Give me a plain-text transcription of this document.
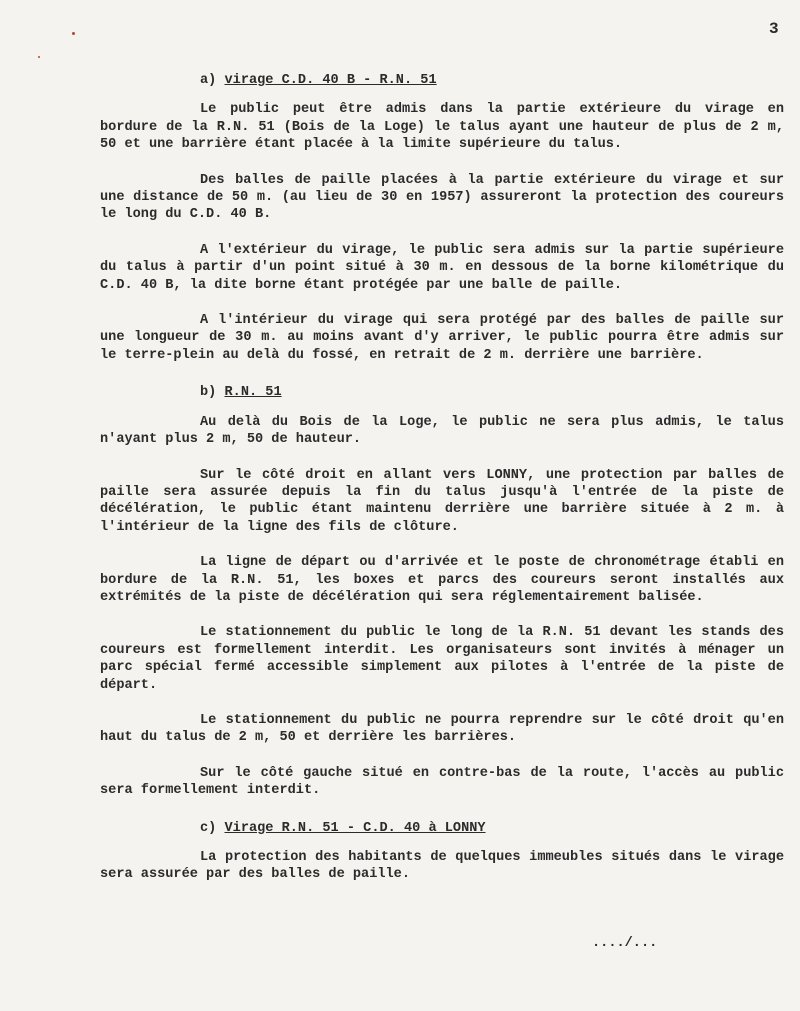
3
a) virage C.D. 40 B - R.N. 51

Le public peut être admis dans la partie extérieure du virage en bordure de la R.N. 51 (Bois de la Loge) le talus ayant une hauteur de plus de 2 m, 50 et une barrière étant placée à la limite supérieure du talus.

Des balles de paille placées à la partie extérieure du virage et sur une distance de 50 m. (au lieu de 30 en 1957) assureront la protection des coureurs le long du C.D. 40 B.

A l'extérieur du virage, le public sera admis sur la partie supérieure du talus à partir d'un point situé à 30 m. en dessous de la borne kilométrique du C.D. 40 B, la dite borne étant protégée par une balle de paille.

A l'intérieur du virage qui sera protégé par des balles de paille sur une longueur de 30 m. au moins avant d'y arriver, le public pourra être admis sur le terre-plein au delà du fossé, en retrait de 2 m. derrière une barrière.

b) R.N. 51

Au delà du Bois de la Loge, le public ne sera plus admis, le talus n'ayant plus 2 m, 50 de hauteur.

Sur le côté droit en allant vers LONNY, une protection par balles de paille sera assurée depuis la fin du talus jusqu'à l'entrée de la piste de décélération, le public étant maintenu derrière une barrière située à 2 m. à l'intérieur de la ligne des fils de clôture.

La ligne de départ ou d'arrivée et le poste de chronométrage établi en bordure de la R.N. 51, les boxes et parcs des coureurs seront installés aux extrémités de la piste de décélération qui sera réglementairement balisée.

Le stationnement du public le long de la R.N. 51 devant les stands des coureurs est formellement interdit. Les organisateurs sont invités à ménager un parc spécial fermé accessible simplement aux pilotes à l'entrée de la piste de départ.

Le stationnement du public ne pourra reprendre sur le côté droit qu'en haut du talus de 2 m, 50 et derrière les barrières.

Sur le côté gauche situé en contre-bas de la route, l'accès au public sera formellement interdit.

c) Virage R.N. 51 - C.D. 40 à LONNY

La protection des habitants de quelques immeubles situés dans le virage sera assurée par des balles de paille.

..../...
